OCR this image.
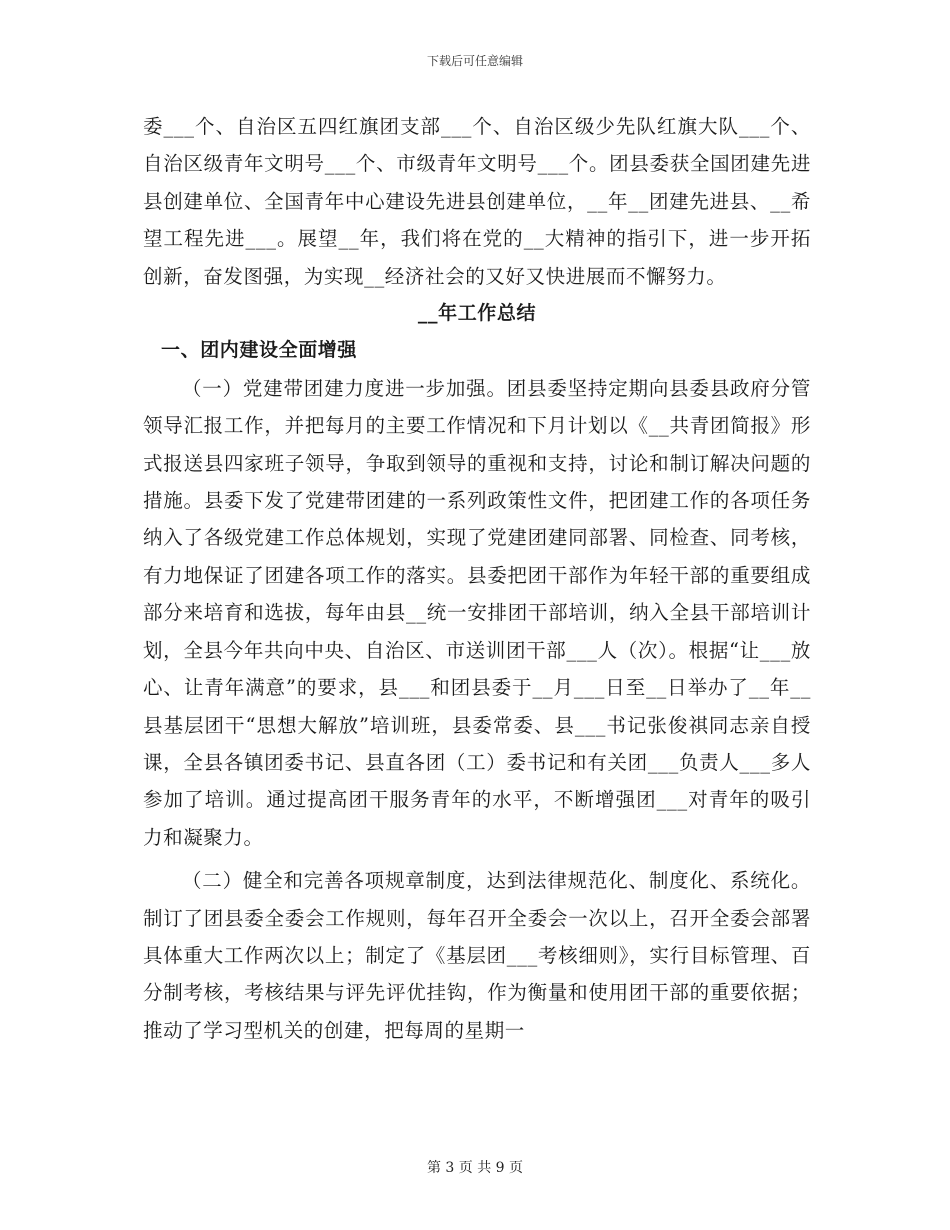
下载后可任意编辑

委___个、自治区五四红旗团支部___个、自治区级少先队红旗大队___个、自治区级青年文明号___个、市级青年文明号___个。团县委获全国团建先进县创建单位、全国青年中心建设先进县创建单位，__年__团建先进县、__希望工程先进___。展望__年，我们将在党的__大精神的指引下，进一步开拓创新，奋发图强，为实现__经济社会的又好又快进展而不懈努力。

__年工作总结

一、团内建设全面增强

（一）党建带团建力度进一步加强。团县委坚持定期向县委县政府分管领导汇报工作，并把每月的主要工作情况和下月计划以《__共青团简报》形式报送县四家班子领导，争取到领导的重视和支持，讨论和制订解决问题的措施。县委下发了党建带团建的一系列政策性文件，把团建工作的各项任务纳入了各级党建工作总体规划，实现了党建团建同部署、同检查、同考核，有力地保证了团建各项工作的落实。县委把团干部作为年轻干部的重要组成部分来培育和选拔，每年由县__统一安排团干部培训，纳入全县干部培训计划，全县今年共向中央、自治区、市送训团干部___人（次）。根据“让___放心、让青年满意”的要求，县___和团县委于__月___日至__日举办了__年__县基层团干“思想大解放”培训班，县委常委、县___书记张俊祺同志亲自授课，全县各镇团委书记、县直各团（工）委书记和有关团___负责人___多人参加了培训。通过提高团干服务青年的水平，不断增强团___对青年的吸引力和凝聚力。

（二）健全和完善各项规章制度，达到法律规范化、制度化、系统化。制订了团县委全委会工作规则，每年召开全委会一次以上，召开全委会部署具体重大工作两次以上；制定了《基层团___考核细则》，实行目标管理、百分制考核，考核结果与评先评优挂钩，作为衡量和使用团干部的重要依据；推动了学习型机关的创建，把每周的星期一

第 3 页 共 9 页
